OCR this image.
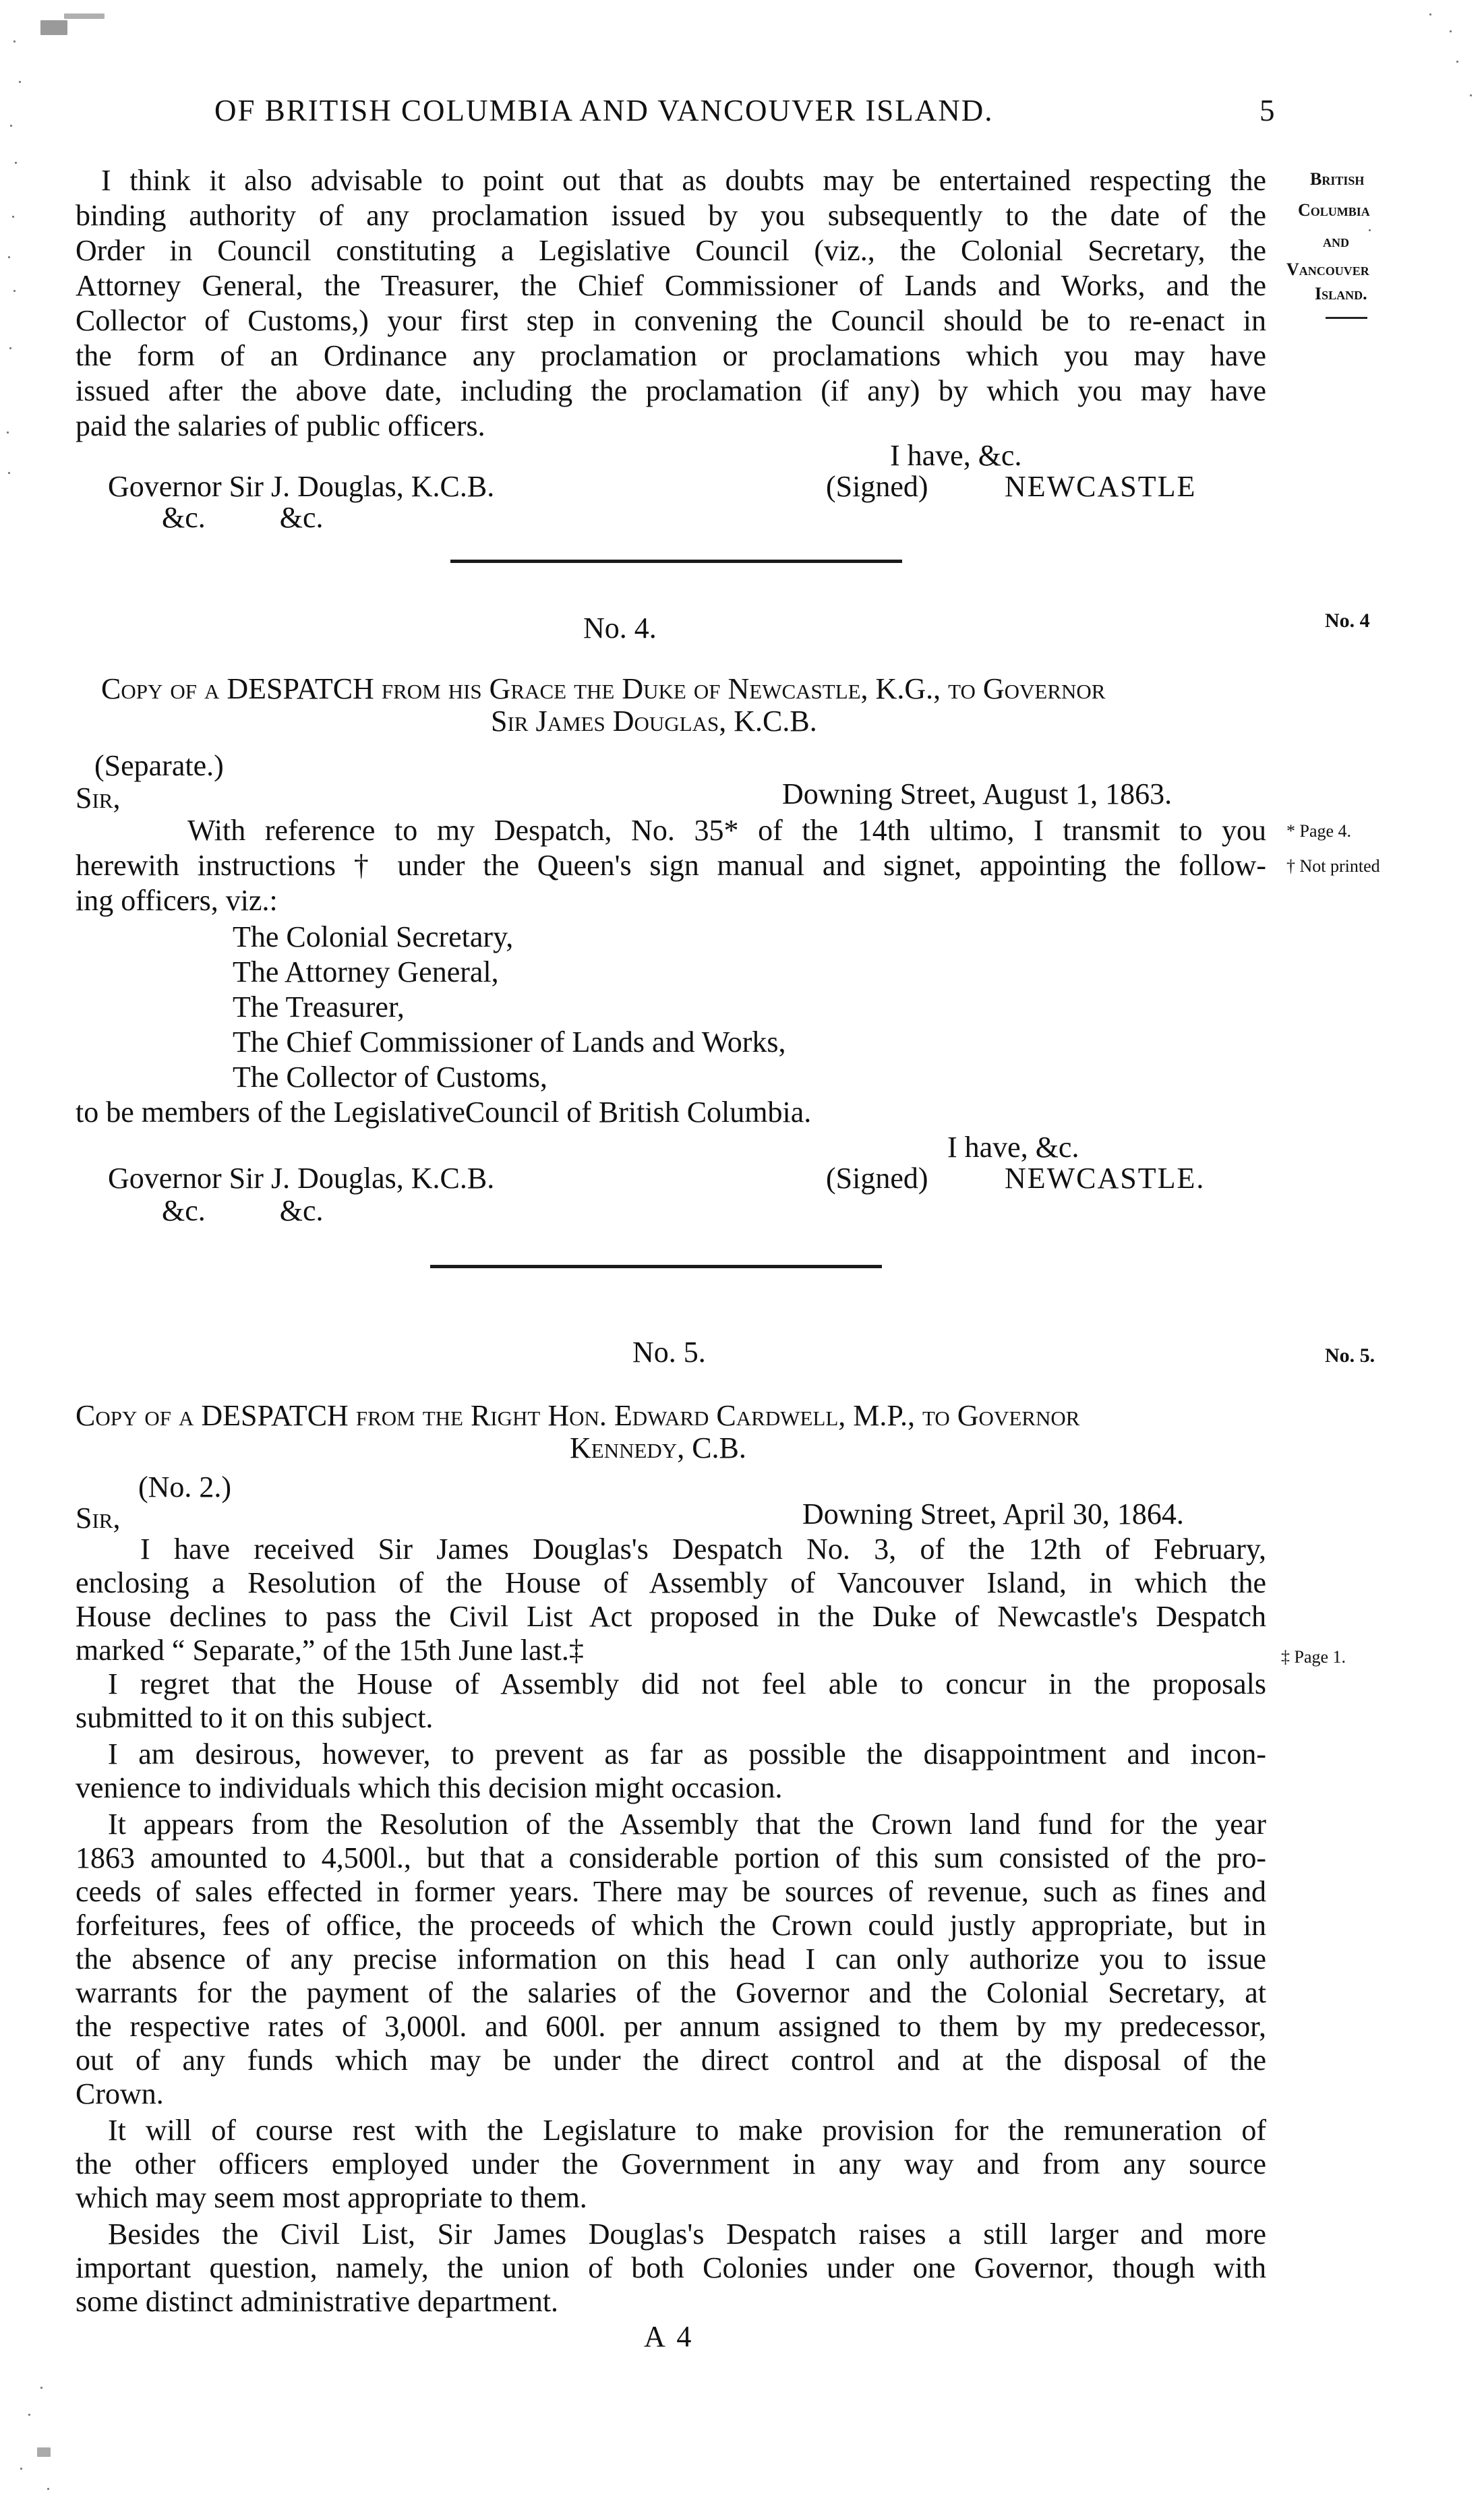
OF BRITISH COLUMBIA AND VANCOUVER ISLAND.	5
British
Columbia
and
Vancouver
Island.
I think it also advisable to point out that as doubts may be entertained respecting the
binding authority of any proclamation issued by you subsequently to the date of the
Order in Council constituting a Legislative Council (viz., the Colonial Secretary, the
Attorney General, the Treasurer, the Chief Commissioner of Lands and Works, and the
Collector of Customs,) your first step in convening the Council should be to re-enact in
the form of an Ordinance any proclamation or proclamations which you may have
issued after the above date, including the proclamation (if any) by which you may have
paid the salaries of public officers.
I have, &c.
Governor Sir J. Douglas, K.C.B.	(Signed)	NEWCASTLE
&c.          &c.
No. 4.	No. 4
Copy of a DESPATCH from his Grace the Duke of Newcastle, K.G., to Governor
Sir James Douglas, K.C.B.
(Separate.)
Sir,	Downing Street, August 1, 1863.
With reference to my Despatch, No. 35* of the 14th ultimo, I transmit to you
herewith instructions † under the Queen's sign manual and signet, appointing the follow-
ing officers, viz.:
The Colonial Secretary,
The Attorney General,
The Treasurer,
The Chief Commissioner of Lands and Works,
The Collector of Customs,
to be members of the LegislativeCouncil of British Columbia.
I have, &c.
Governor Sir J. Douglas, K.C.B.	(Signed)	NEWCASTLE.
&c.          &c.
* Page 4.
† Not printed
No. 5.	No. 5.
Copy of a DESPATCH from the Right Hon. Edward Cardwell, M.P., to Governor
Kennedy, C.B.
(No. 2.)
Sir,	Downing Street, April 30, 1864.
I have received Sir James Douglas's Despatch No. 3, of the 12th of February,
enclosing a Resolution of the House of Assembly of Vancouver Island, in which the
House declines to pass the Civil List Act proposed in the Duke of Newcastle's Despatch
marked “ Separate,” of the 15th June last.‡	‡ Page 1.
I regret that the House of Assembly did not feel able to concur in the proposals
submitted to it on this subject.
I am desirous, however, to prevent as far as possible the disappointment and incon-
venience to individuals which this decision might occasion.
It appears from the Resolution of the Assembly that the Crown land fund for the year
1863 amounted to 4,500l., but that a considerable portion of this sum consisted of the pro-
ceeds of sales effected in former years. There may be sources of revenue, such as fines and
forfeitures, fees of office, the proceeds of which the Crown could justly appropriate, but in
the absence of any precise information on this head I can only authorize you to issue
warrants for the payment of the salaries of the Governor and the Colonial Secretary, at
the respective rates of 3,000l. and 600l. per annum assigned to them by my predecessor,
out of any funds which may be under the direct control and at the disposal of the
Crown.
It will of course rest with the Legislature to make provision for the remuneration of
the other officers employed under the Government in any way and from any source
which may seem most appropriate to them.
Besides the Civil List, Sir James Douglas's Despatch raises a still larger and more
important question, namely, the union of both Colonies under one Governor, though with
some distinct administrative department.
A 4
